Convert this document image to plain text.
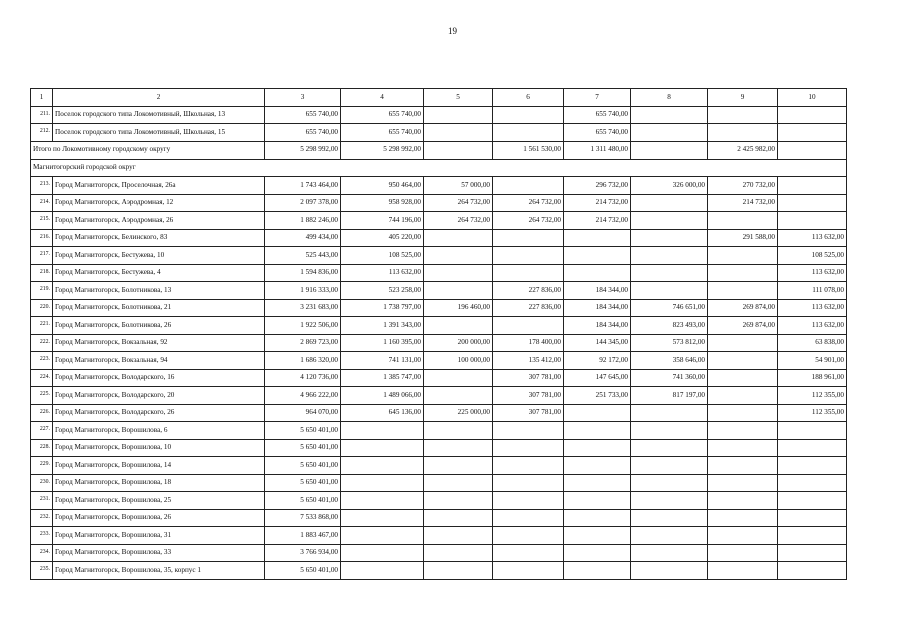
19
1	2	3	4	5	6	7	8	9	10
211.	Поселок городского типа Локомотивный, Школьная, 13	655 740,00	655 740,00			655 740,00			
212.	Поселок городского типа Локомотивный, Школьная, 15	655 740,00	655 740,00			655 740,00			
Итого по Локомотивному городскому округу		5 298 992,00	5 298 992,00		1 561 530,00	1 311 480,00		2 425 982,00	
Магнитогорский городской округ									
213.	Город Магнитогорск, Проселочная, 26а	1 743 464,00	950 464,00	57 000,00		296 732,00	326 000,00	270 732,00	
214.	Город Магнитогорск, Аэродромная, 12	2 097 378,00	958 928,00	264 732,00	264 732,00	214 732,00		214 732,00	
215.	Город Магнитогорск, Аэродромная, 26	1 882 246,00	744 196,00	264 732,00	264 732,00	214 732,00			
216.	Город Магнитогорск, Белинского, 83	499 434,00	405 220,00					291 588,00	113 632,00
217.	Город Магнитогорск, Бестужева, 10	525 443,00	108 525,00						108 525,00
218.	Город Магнитогорск, Бестужева, 4	1 594 836,00	113 632,00						113 632,00
219.	Город Магнитогорск, Болотникова, 13	1 916 333,00	523 258,00		227 836,00	184 344,00			111 078,00
220.	Город Магнитогорск, Болотникова, 21	3 231 683,00	1 738 797,00	196 460,00	227 836,00	184 344,00	746 651,00	269 874,00	113 632,00
221.	Город Магнитогорск, Болотникова, 26	1 922 506,00	1 391 343,00			184 344,00	823 493,00	269 874,00	113 632,00
222.	Город Магнитогорск, Вокзальная, 92	2 869 723,00	1 160 395,00	200 000,00	178 400,00	144 345,00	573 812,00		63 838,00
223.	Город Магнитогорск, Вокзальная, 94	1 686 320,00	741 131,00	100 000,00	135 412,00	92 172,00	358 646,00		54 901,00
224.	Город Магнитогорск, Володарского, 16	4 120 736,00	1 385 747,00		307 781,00	147 645,00	741 360,00		188 961,00
225.	Город Магнитогорск, Володарского, 20	4 966 222,00	1 489 066,00		307 781,00	251 733,00	817 197,00		112 355,00
226.	Город Магнитогорск, Володарского, 26	964 070,00	645 136,00	225 000,00	307 781,00				112 355,00
227.	Город Магнитогорск, Ворошилова, 6	5 650 401,00							
228.	Город Магнитогорск, Ворошилова, 10	5 650 401,00							
229.	Город Магнитогорск, Ворошилова, 14	5 650 401,00							
230.	Город Магнитогорск, Ворошилова, 18	5 650 401,00							
231.	Город Магнитогорск, Ворошилова, 25	5 650 401,00							
232.	Город Магнитогорск, Ворошилова, 26	7 533 868,00							
233.	Город Магнитогорск, Ворошилова, 31	1 883 467,00							
234.	Город Магнитогорск, Ворошилова, 33	3 766 934,00							
235.	Город Магнитогорск, Ворошилова, 35, корпус 1	5 650 401,00							
